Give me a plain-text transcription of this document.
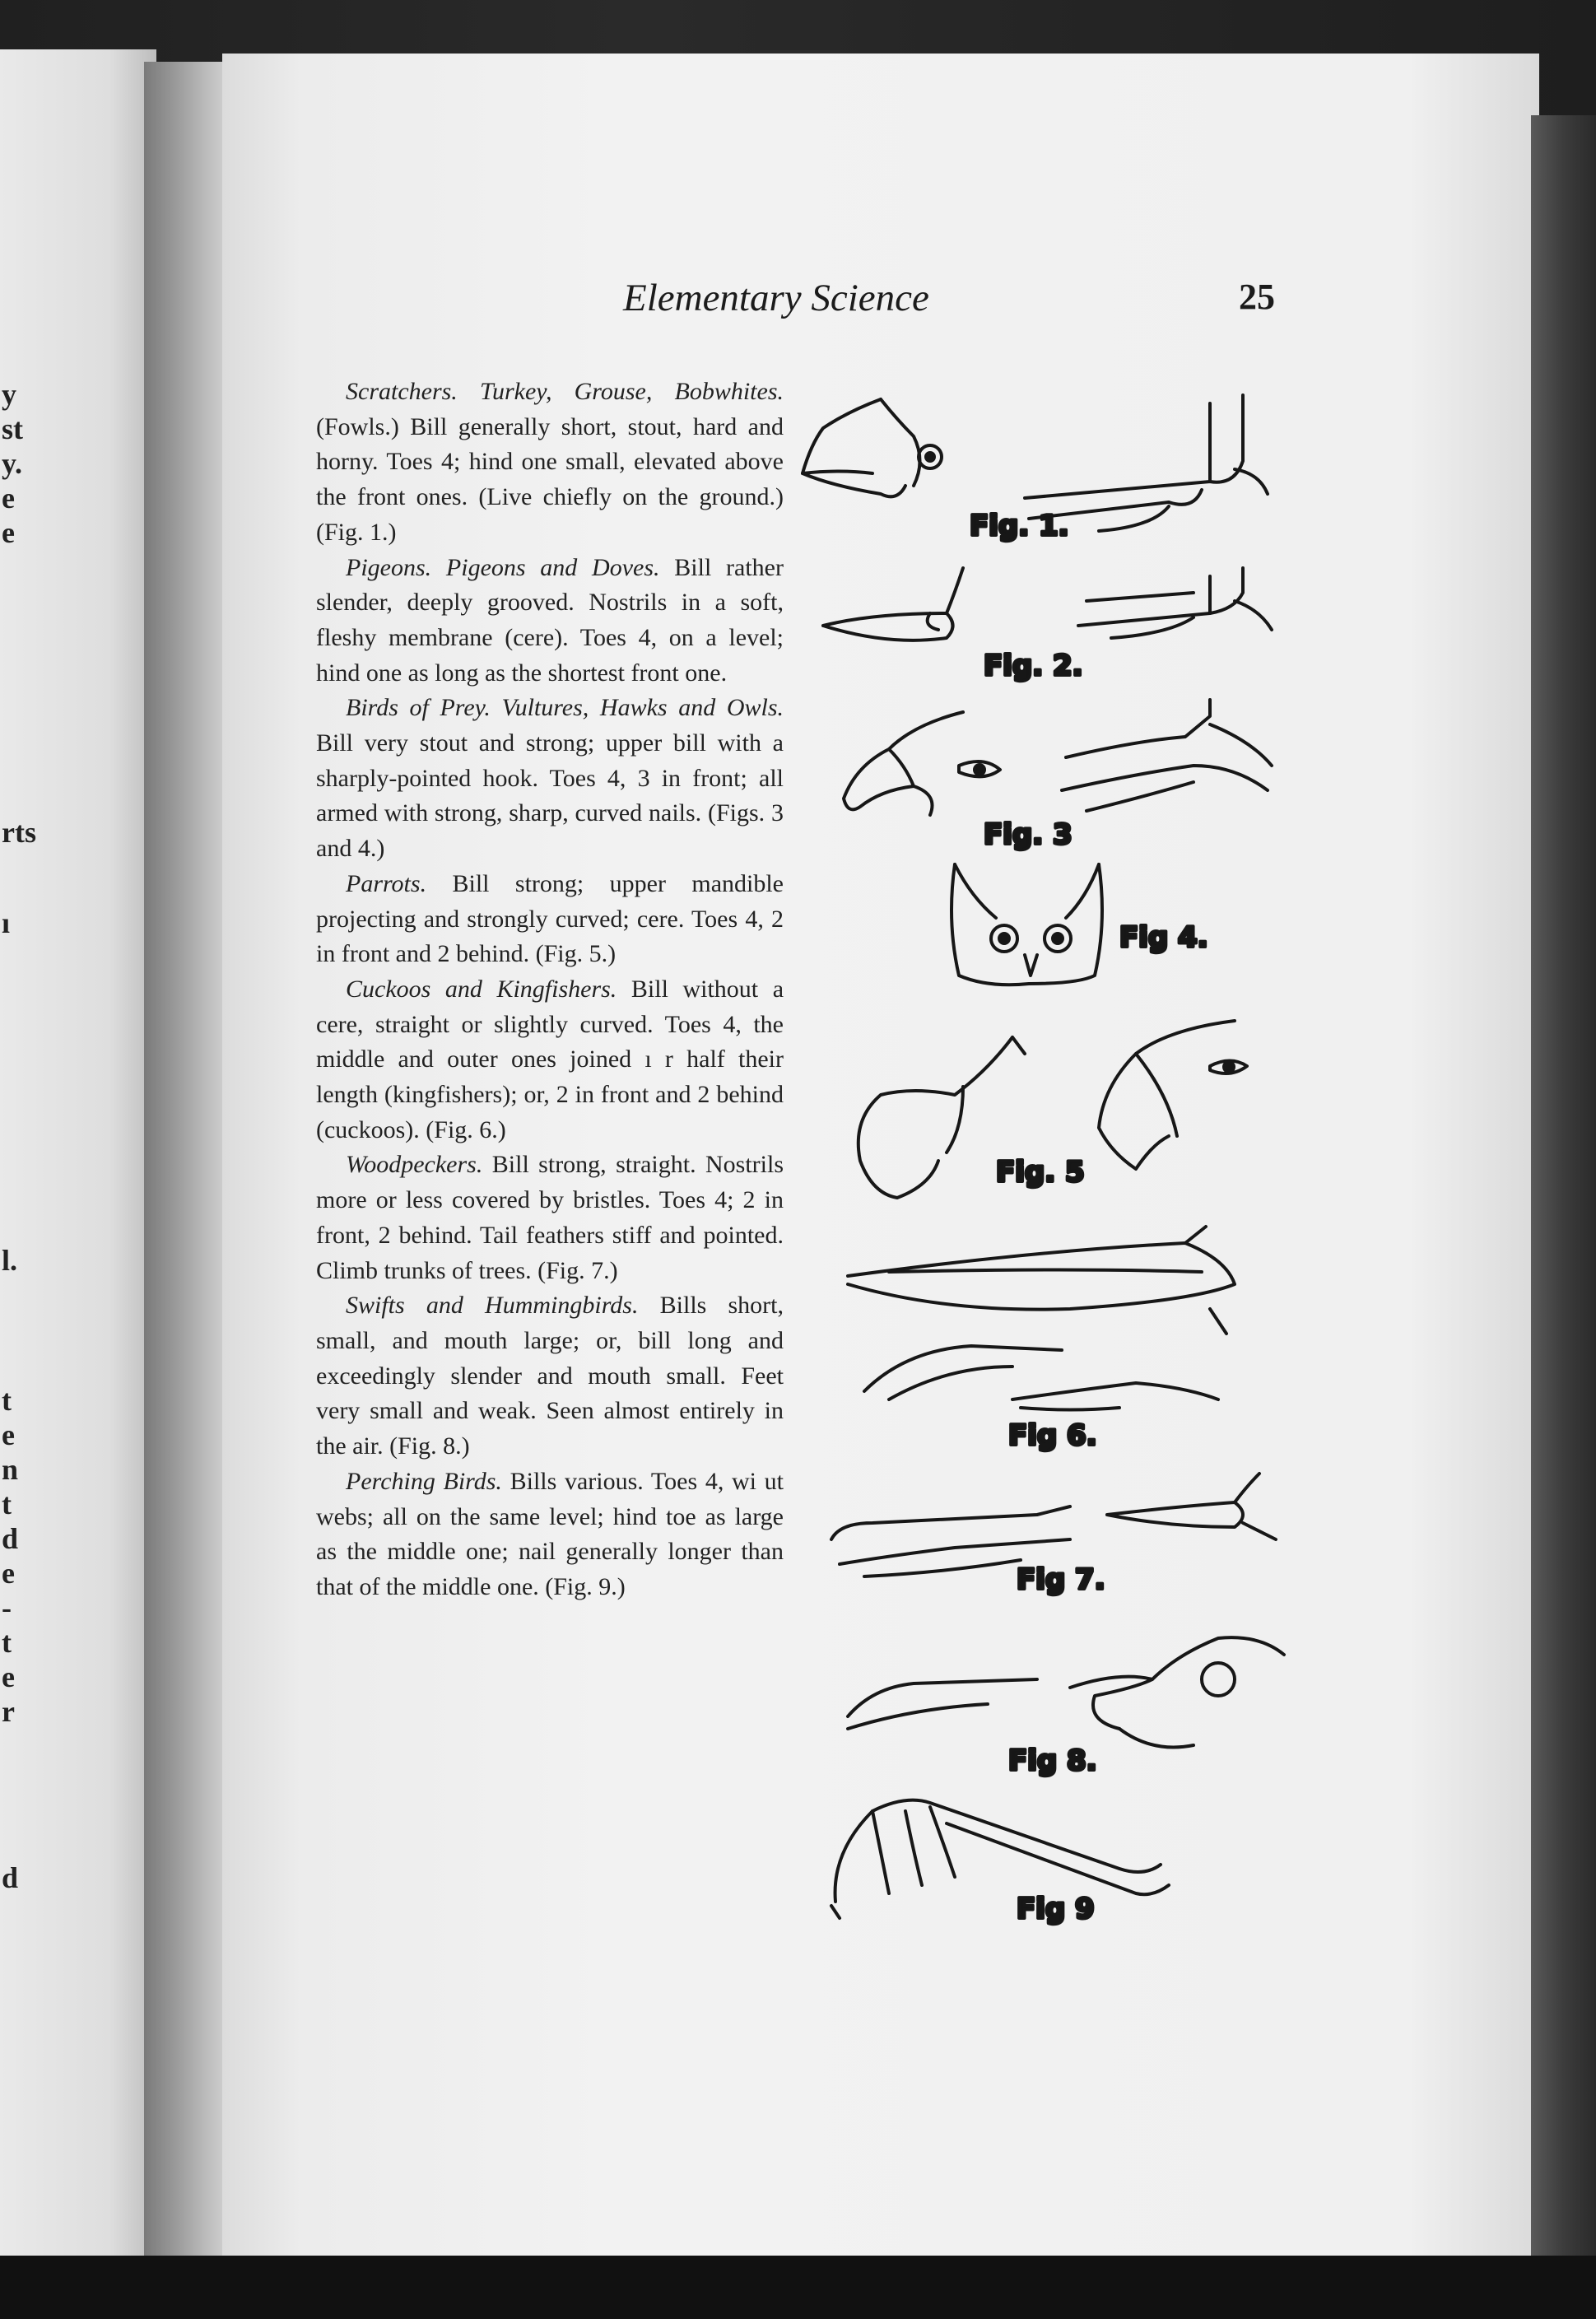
y
st
y.
e
e
rts
ı
l.
t
e
n
t
d
e
-
t
e
r
d
Elementary Science	25

Scratchers. Turkey, Grouse, Bobwhites. (Fowls.) Bill generally short, stout, hard and horny. Toes 4; hind one small, elevated above the front ones. (Live chiefly on the ground.) (Fig. 1.)

Pigeons. Pigeons and Doves. Bill rather slender, deeply grooved. Nostrils in a soft, fleshy membrane (cere). Toes 4, on a level; hind one as long as the shortest front one.

Birds of Prey. Vultures, Hawks and Owls. Bill very stout and strong; upper bill with a sharply-pointed hook. Toes 4, 3 in front; all armed with strong, sharp, curved nails. (Figs. 3 and 4.)

Parrots. Bill strong; upper mandible projecting and strongly curved; cere. Toes 4, 2 in front and 2 behind. (Fig. 5.)

Cuckoos and Kingfishers. Bill without a cere, straight or slightly curved. Toes 4, the middle and outer ones joined ı r half their length (kingfishers); or, 2 in front and 2 behind (cuckoos). (Fig. 6.)

Woodpeckers. Bill strong, straight. Nostrils more or less covered by bristles. Toes 4; 2 in front, 2 behind. Tail feathers stiff and pointed. Climb trunks of trees. (Fig. 7.)

Swifts and Hummingbirds. Bills short, small, and mouth large; or, bill long and exceedingly slender and mouth small. Feet very small and weak. Seen almost entirely in the air. (Fig. 8.)

Perching Birds. Bills various. Toes 4, wi ut webs; all on the same level; hind toe as large as the middle one; nail generally longer than that of the middle one. (Fig. 9.)

Fig. 1.
Fig. 2.
Fig. 3
Fig 4.
Fig. 5
Fig 6.
Fig 7.
Fig 8.
Fig 9
